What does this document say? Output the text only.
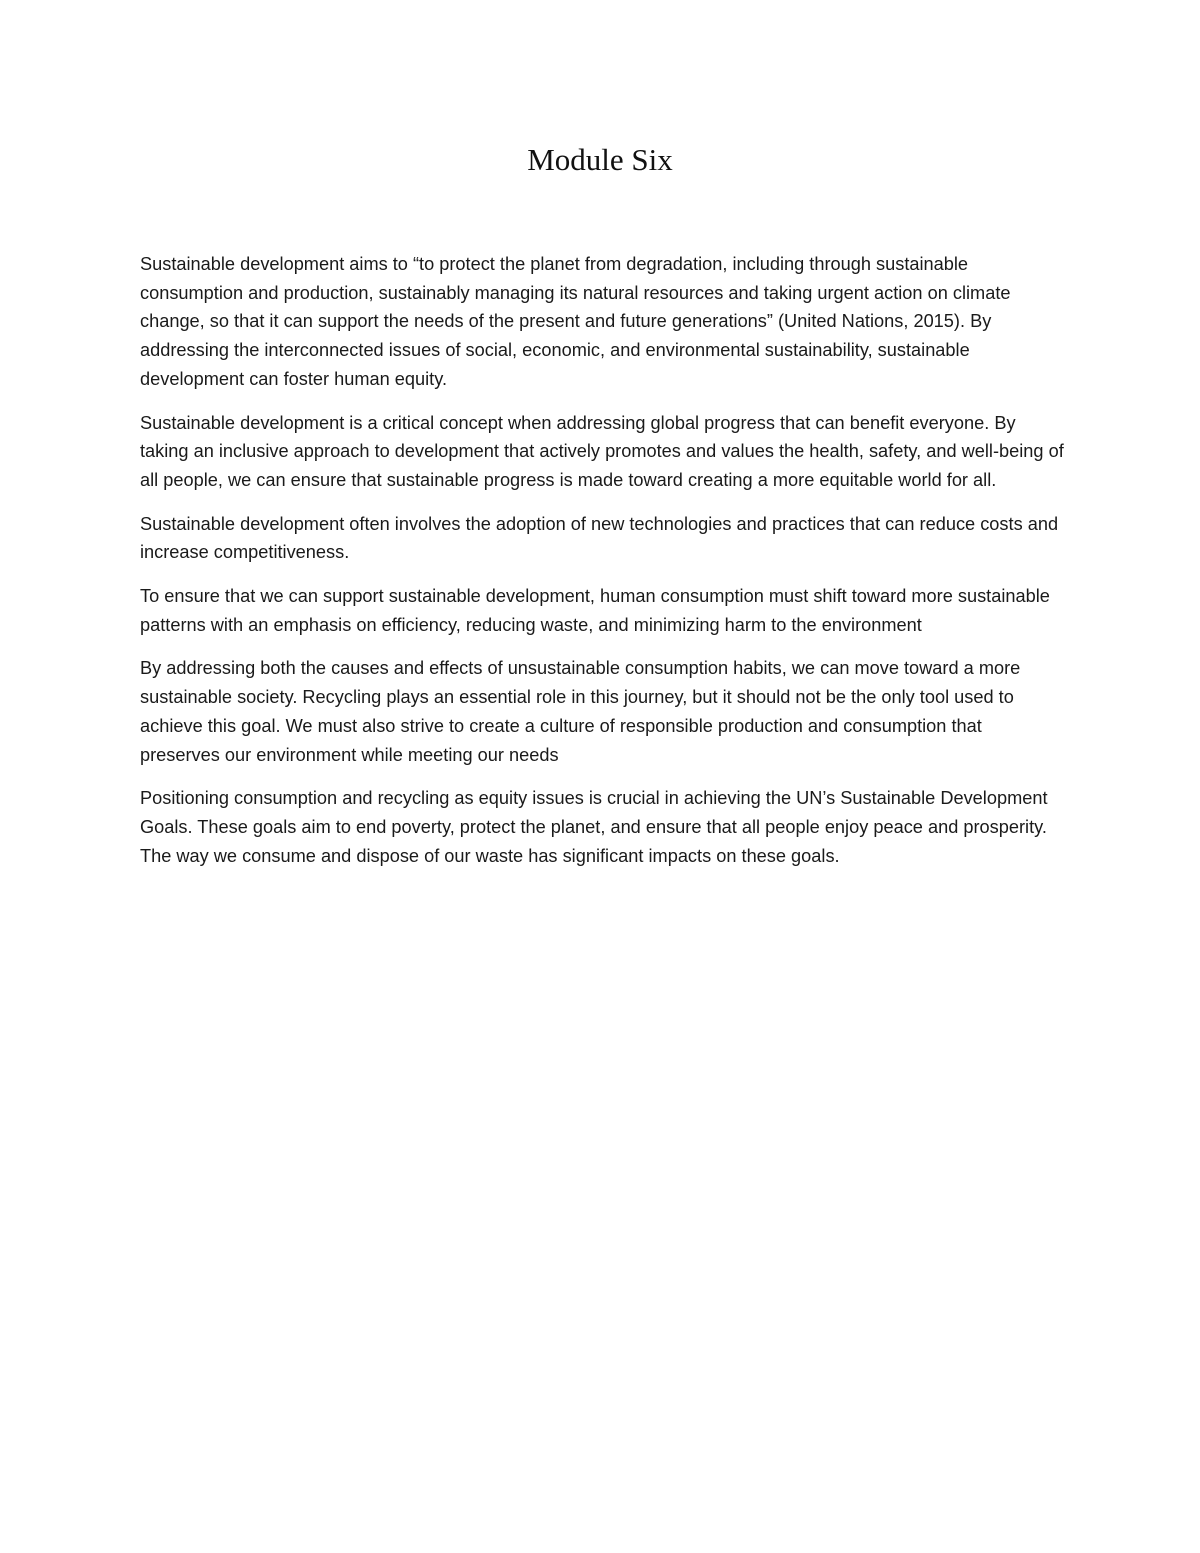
Module Six

Sustainable development aims to “to protect the planet from degradation, including through sustainable consumption and production, sustainably managing its natural resources and taking urgent action on climate change, so that it can support the needs of the present and future generations” (United Nations, 2015). By addressing the interconnected issues of social, economic, and environmental sustainability, sustainable development can foster human equity.

Sustainable development is a critical concept when addressing global progress that can benefit everyone. By taking an inclusive approach to development that actively promotes and values the health, safety, and well-being of all people, we can ensure that sustainable progress is made toward creating a more equitable world for all.

Sustainable development often involves the adoption of new technologies and practices that can reduce costs and increase competitiveness.

To ensure that we can support sustainable development, human consumption must shift toward more sustainable patterns with an emphasis on efficiency, reducing waste, and minimizing harm to the environment

By addressing both the causes and effects of unsustainable consumption habits, we can move toward a more sustainable society. Recycling plays an essential role in this journey, but it should not be the only tool used to achieve this goal. We must also strive to create a culture of responsible production and consumption that preserves our environment while meeting our needs

Positioning consumption and recycling as equity issues is crucial in achieving the UN’s Sustainable Development Goals. These goals aim to end poverty, protect the planet, and ensure that all people enjoy peace and prosperity. The way we consume and dispose of our waste has significant impacts on these goals.
